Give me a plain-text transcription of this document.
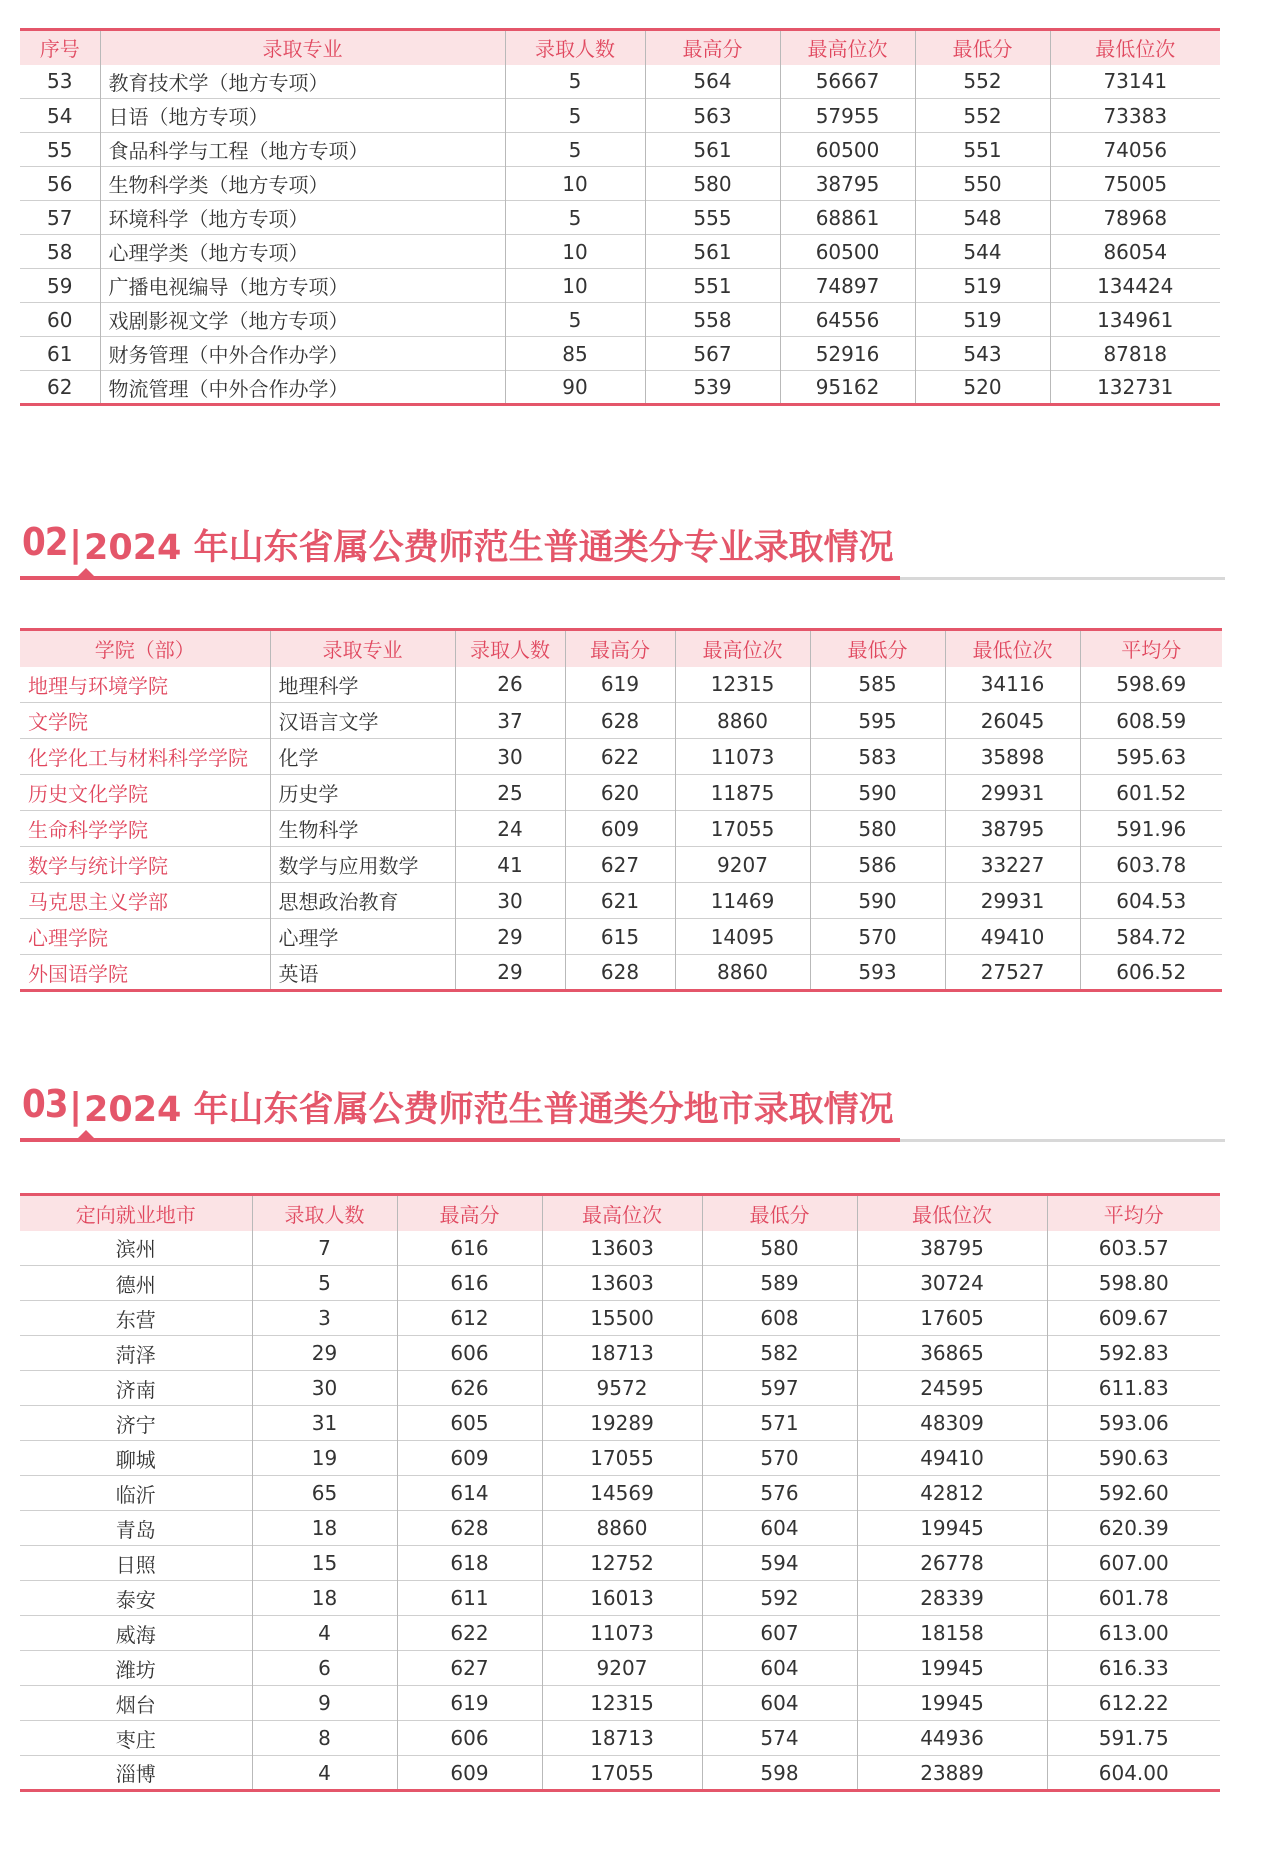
序号	录取专业	录取人数	最高分	最高位次	最低分	最低位次
53	教育技术学（地方专项）	5	564	56667	552	73141
54	日语（地方专项）	5	563	57955	552	73383
55	食品科学与工程（地方专项）	5	561	60500	551	74056
56	生物科学类（地方专项）	10	580	38795	550	75005
57	环境科学（地方专项）	5	555	68861	548	78968
58	心理学类（地方专项）	10	561	60500	544	86054
59	广播电视编导（地方专项）	10	551	74897	519	134424
60	戏剧影视文学（地方专项）	5	558	64556	519	134961
61	财务管理（中外合作办学）	85	567	52916	543	87818
62	物流管理（中外合作办学）	90	539	95162	520	132731
02 | 2024 年山东省属公费师范生普通类分专业录取情况
学院（部）	录取专业	录取人数	最高分	最高位次	最低分	最低位次	平均分
地理与环境学院	地理科学	26	619	12315	585	34116	598.69
文学院	汉语言文学	37	628	8860	595	26045	608.59
化学化工与材料科学学院	化学	30	622	11073	583	35898	595.63
历史文化学院	历史学	25	620	11875	590	29931	601.52
生命科学学院	生物科学	24	609	17055	580	38795	591.96
数学与统计学院	数学与应用数学	41	627	9207	586	33227	603.78
马克思主义学部	思想政治教育	30	621	11469	590	29931	604.53
心理学院	心理学	29	615	14095	570	49410	584.72
外国语学院	英语	29	628	8860	593	27527	606.52
03 | 2024 年山东省属公费师范生普通类分地市录取情况
定向就业地市	录取人数	最高分	最高位次	最低分	最低位次	平均分
滨州	7	616	13603	580	38795	603.57
德州	5	616	13603	589	30724	598.80
东营	3	612	15500	608	17605	609.67
菏泽	29	606	18713	582	36865	592.83
济南	30	626	9572	597	24595	611.83
济宁	31	605	19289	571	48309	593.06
聊城	19	609	17055	570	49410	590.63
临沂	65	614	14569	576	42812	592.60
青岛	18	628	8860	604	19945	620.39
日照	15	618	12752	594	26778	607.00
泰安	18	611	16013	592	28339	601.78
威海	4	622	11073	607	18158	613.00
潍坊	6	627	9207	604	19945	616.33
烟台	9	619	12315	604	19945	612.22
枣庄	8	606	18713	574	44936	591.75
淄博	4	609	17055	598	23889	604.00
